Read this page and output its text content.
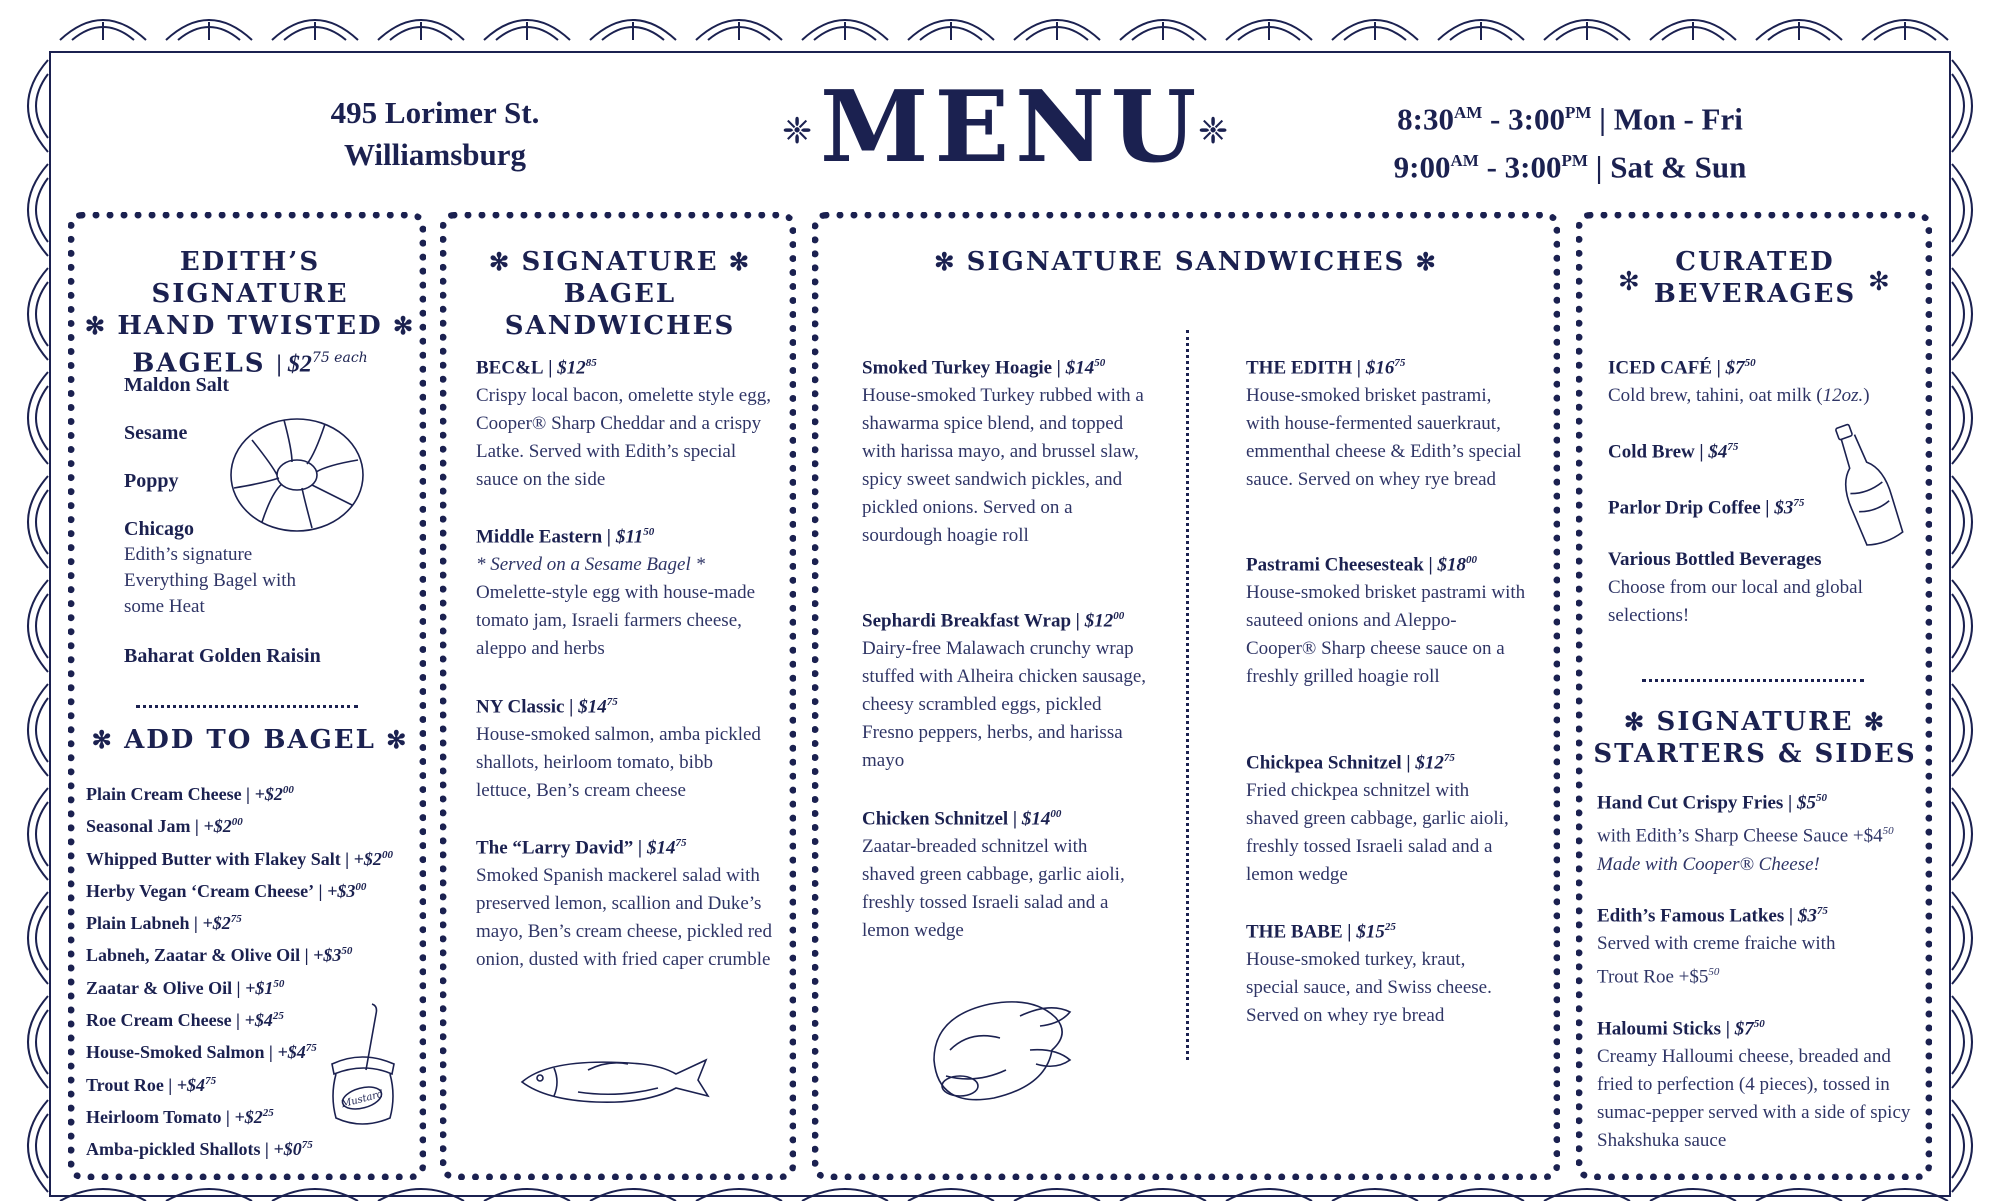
495 Lorimer St.
Williamsburg
❈ MENU
❈	$8:30^{AM}$ - $3:00^{PM}$ | Mon - Fri
$9:00^{AM}$ - $3:00^{PM}$ | Sat & Sun
EDITH’S SIGNATURE
✻ HAND TWISTED ✻
BAGELS | $\$2^{75}$ $^{each}$
Maldon Salt
Sesame
Poppy
Chicago
Edith’s signature Everything Bagel with some Heat
Baharat Golden Raisin
✻ ADD TO BAGEL ✻
Plain Cream Cheese | $+\$2^{00}$
Seasonal Jam | $+\$2^{00}$
Whipped Butter with Flakey Salt | $+\$2^{00}$
Herby Vegan ‘Cream Cheese’ | $+\$3^{00}$
Plain Labneh | $+\$2^{75}$
Labneh, Zaatar & Olive Oil | $+\$3^{50}$
Zaatar & Olive Oil | $+\$1^{50}$
Roe Cream Cheese | $+\$4^{25}$
House-Smoked Salmon | $+\$4^{75}$
Trout Roe | $+\$4^{75}$
Heirloom Tomato | $+\$2^{25}$
Amba-pickled Shallots | $+\$0^{75}$
Mustard
✻ SIGNATURE ✻
BAGEL SANDWICHES
BEC&L | $\$12^{85}$
Crispy local bacon, omelette style egg, Cooper® Sharp Cheddar and a crispy Latke. Served with Edith’s special sauce on the side
Middle Eastern | $\$11^{50}$
* Served on a Sesame Bagel *
Omelette-style egg with house-made tomato jam, Israeli farmers cheese, aleppo and herbs
NY Classic | $\$14^{75}$
House-smoked salmon, amba pickled shallots, heirloom tomato, bibb lettuce, Ben’s cream cheese
The “Larry David” | $\$14^{75}$
Smoked Spanish mackerel salad with preserved lemon, scallion and Duke’s mayo, Ben’s cream cheese, pickled red onion, dusted with fried caper crumble
✻ SIGNATURE SANDWICHES ✻
Smoked Turkey Hoagie | $\$14^{50}$
House-smoked Turkey rubbed with a shawarma spice blend, and topped with harissa mayo, and brussel slaw, spicy sweet sandwich pickles, and pickled onions. Served on a sourdough hoagie roll
Sephardi Breakfast Wrap | $\$12^{00}$
Dairy-free Malawach crunchy wrap stuffed with Alheira chicken sausage, cheesy scrambled eggs, pickled Fresno peppers, herbs, and harissa mayo
Chicken Schnitzel | $\$14^{00}$
Zaatar-breaded schnitzel with shaved green cabbage, garlic aioli, freshly tossed Israeli salad and a lemon wedge
THE EDITH | $\$16^{75}$
House-smoked brisket pastrami, with house-fermented sauerkraut, emmenthal cheese & Edith’s special sauce. Served on whey rye bread
Pastrami Cheesesteak | $\$18^{00}$
House-smoked brisket pastrami with sauteed onions and Aleppo-Cooper® Sharp cheese sauce on a freshly grilled hoagie roll
Chickpea Schnitzel | $\$12^{75}$
Fried chickpea schnitzel with shaved green cabbage, garlic aioli, freshly tossed Israeli salad and a lemon wedge
THE BABE | $\$15^{25}$
House-smoked turkey, kraut, special sauce, and Swiss cheese. Served on whey rye bread
CURATED
BEVERAGES
✻	✻
ICED CAFÉ | $\$7^{50}$
Cold brew, tahini, oat milk (12oz.)
Cold Brew | $\$4^{75}$
Parlor Drip Coffee | $\$3^{75}$
Various Bottled Beverages
Choose from our local and global selections!
✻ SIGNATURE ✻
STARTERS & SIDES
Hand Cut Crispy Fries | $\$5^{50}$
with Edith’s Sharp Cheese Sauce $+\$4^{50}$
Made with Cooper® Cheese!
Edith’s Famous Latkes | $\$3^{75}$
Served with creme fraiche with Trout Roe $+\$5^{50}$
Haloumi Sticks | $\$7^{50}$
Creamy Halloumi cheese, breaded and fried to perfection (4 pieces), tossed in sumac-pepper served with a side of spicy Shakshuka sauce
